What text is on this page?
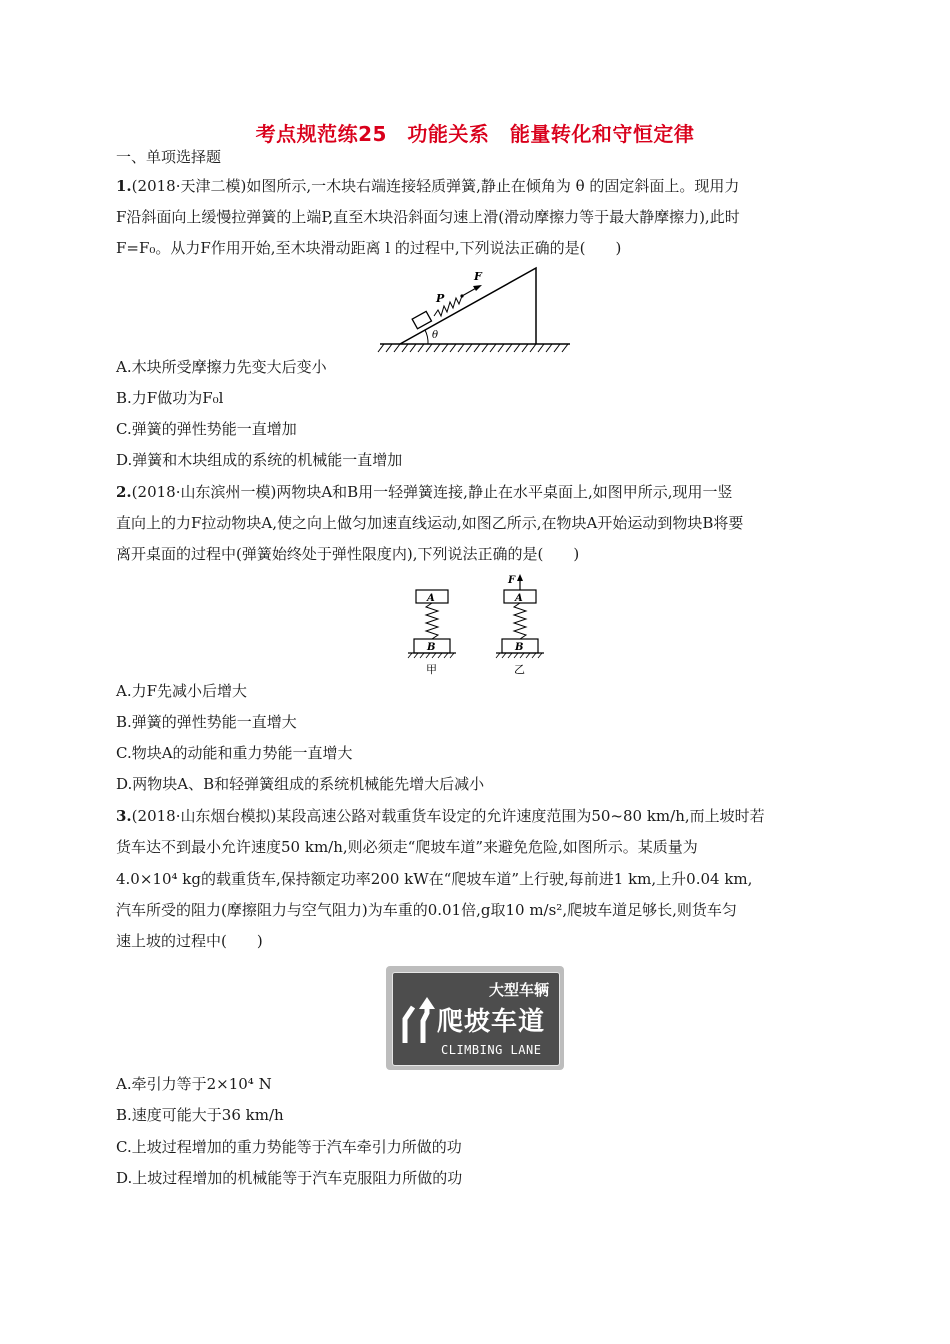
考点规范练25　功能关系　能量转化和守恒定律
一、单项选择题
1.(2018·天津二模)如图所示,一木块右端连接轻质弹簧,静止在倾角为 θ 的固定斜面上。现用力
F沿斜面向上缓慢拉弹簧的上端P,直至木块沿斜面匀速上滑(滑动摩擦力等于最大静摩擦力),此时
F=F₀。从力F作用开始,至木块滑动距离 l 的过程中,下列说法正确的是(　　)
P
F
θ
A.木块所受摩擦力先变大后变小
B.力F做功为F₀l
C.弹簧的弹性势能一直增加
D.弹簧和木块组成的系统的机械能一直增加
2.(2018·山东滨州一模)两物块A和B用一轻弹簧连接,静止在水平桌面上,如图甲所示,现用一竖
直向上的力F拉动物块A,使之向上做匀加速直线运动,如图乙所示,在物块A开始运动到物块B将要
离开桌面的过程中(弹簧始终处于弹性限度内),下列说法正确的是(　　)
A
B
甲
F
A
B
乙
A.力F先减小后增大
B.弹簧的弹性势能一直增大
C.物块A的动能和重力势能一直增大
D.两物块A、B和轻弹簧组成的系统机械能先增大后减小
3.(2018·山东烟台模拟)某段高速公路对载重货车设定的允许速度范围为50~80 km/h,而上坡时若
货车达不到最小允许速度50 km/h,则必须走“爬坡车道”来避免危险,如图所示。某质量为
4.0×10⁴ kg的载重货车,保持额定功率200 kW在“爬坡车道”上行驶,每前进1 km,上升0.04 km,
汽车所受的阻力(摩擦阻力与空气阻力)为车重的0.01倍,g取10 m/s²,爬坡车道足够长,则货车匀
速上坡的过程中(　　)
大型车辆
爬坡车道
CLIMBING LANE
A.牵引力等于2×10⁴ N
B.速度可能大于36 km/h
C.上坡过程增加的重力势能等于汽车牵引力所做的功
D.上坡过程增加的机械能等于汽车克服阻力所做的功
